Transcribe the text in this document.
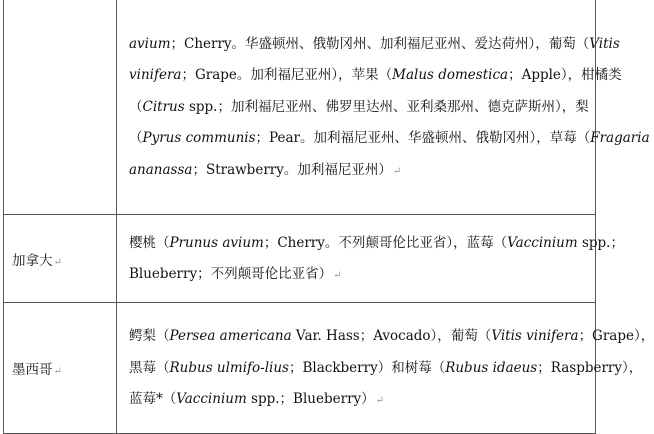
	avium；Cherry。华盛顿州、俄勒冈州、加利福尼亚州、爱达荷州），葡萄（Vitis
vinifera；Grape。加利福尼亚州），苹果（Malus domestica；Apple），柑橘类
（Citrus spp.；加利福尼亚州、佛罗里达州、亚利桑那州、德克萨斯州），梨
（Pyrus communis；Pear。加利福尼亚州、华盛顿州、俄勒冈州），草莓（Fragaria
ananassa；Strawberry。加利福尼亚州）↵

加拿大↵	樱桃（Prunus avium；Cherry。不列颠哥伦比亚省），蓝莓（Vaccinium spp.；
Blueberry；不列颠哥伦比亚省）↵

墨西哥↵	鳄梨（Persea americana Var. Hass；Avocado），葡萄（Vitis vinifera；Grape），
黑莓（Rubus ulmifo-lius；Blackberry）和树莓（Rubus idaeus；Raspberry），
蓝莓*（Vaccinium spp.；Blueberry）↵
